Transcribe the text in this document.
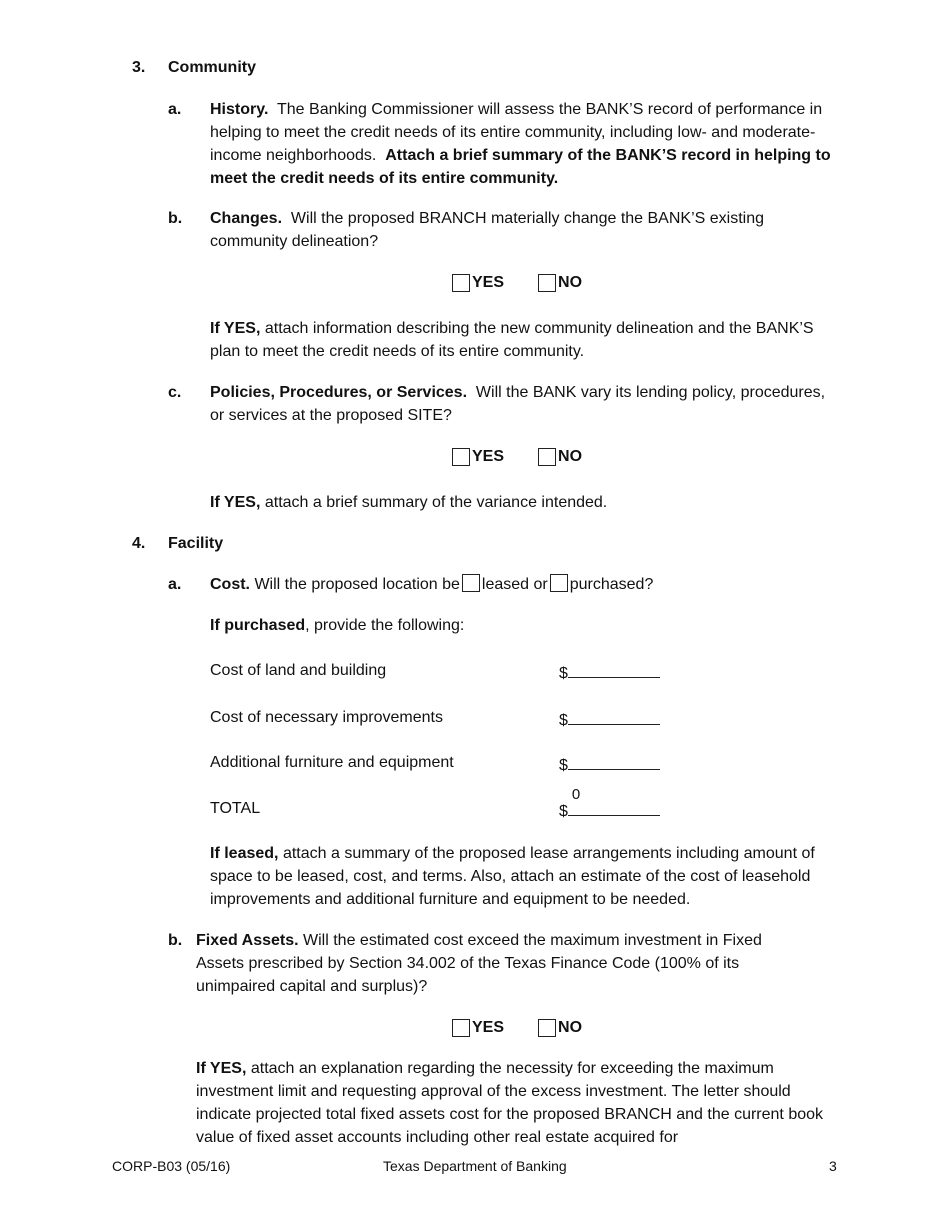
3. Community
a. History. The Banking Commissioner will assess the BANK’S record of performance in helping to meet the credit needs of its entire community, including low- and moderate- income neighborhoods. Attach a brief summary of the BANK’S record in helping to meet the credit needs of its entire community.
b. Changes. Will the proposed BRANCH materially change the BANK’S existing community delineation?
YES	NO
If YES, attach information describing the new community delineation and the BANK’S plan to meet the credit needs of its entire community.
c. Policies, Procedures, or Services. Will the BANK vary its lending policy, procedures, or services at the proposed SITE?
YES	NO
If YES, attach a brief summary of the variance intended.
4. Facility
a. Cost. Will the proposed location be leased or purchased?
If purchased, provide the following:
Cost of land and building	$
Cost of necessary improvements	$
Additional furniture and equipment	$
TOTAL	$
0
If leased, attach a summary of the proposed lease arrangements including amount of space to be leased, cost, and terms. Also, attach an estimate of the cost of leasehold improvements and additional furniture and equipment to be needed.
b. Fixed Assets. Will the estimated cost exceed the maximum investment in Fixed Assets prescribed by Section 34.002 of the Texas Finance Code (100% of its unimpaired capital and surplus)?
YES	NO
If YES, attach an explanation regarding the necessity for exceeding the maximum investment limit and requesting approval of the excess investment. The letter should indicate projected total fixed assets cost for the proposed BRANCH and the current book value of fixed asset accounts including other real estate acquired for
CORP-B03 (05/16)	Texas Department of Banking	3
